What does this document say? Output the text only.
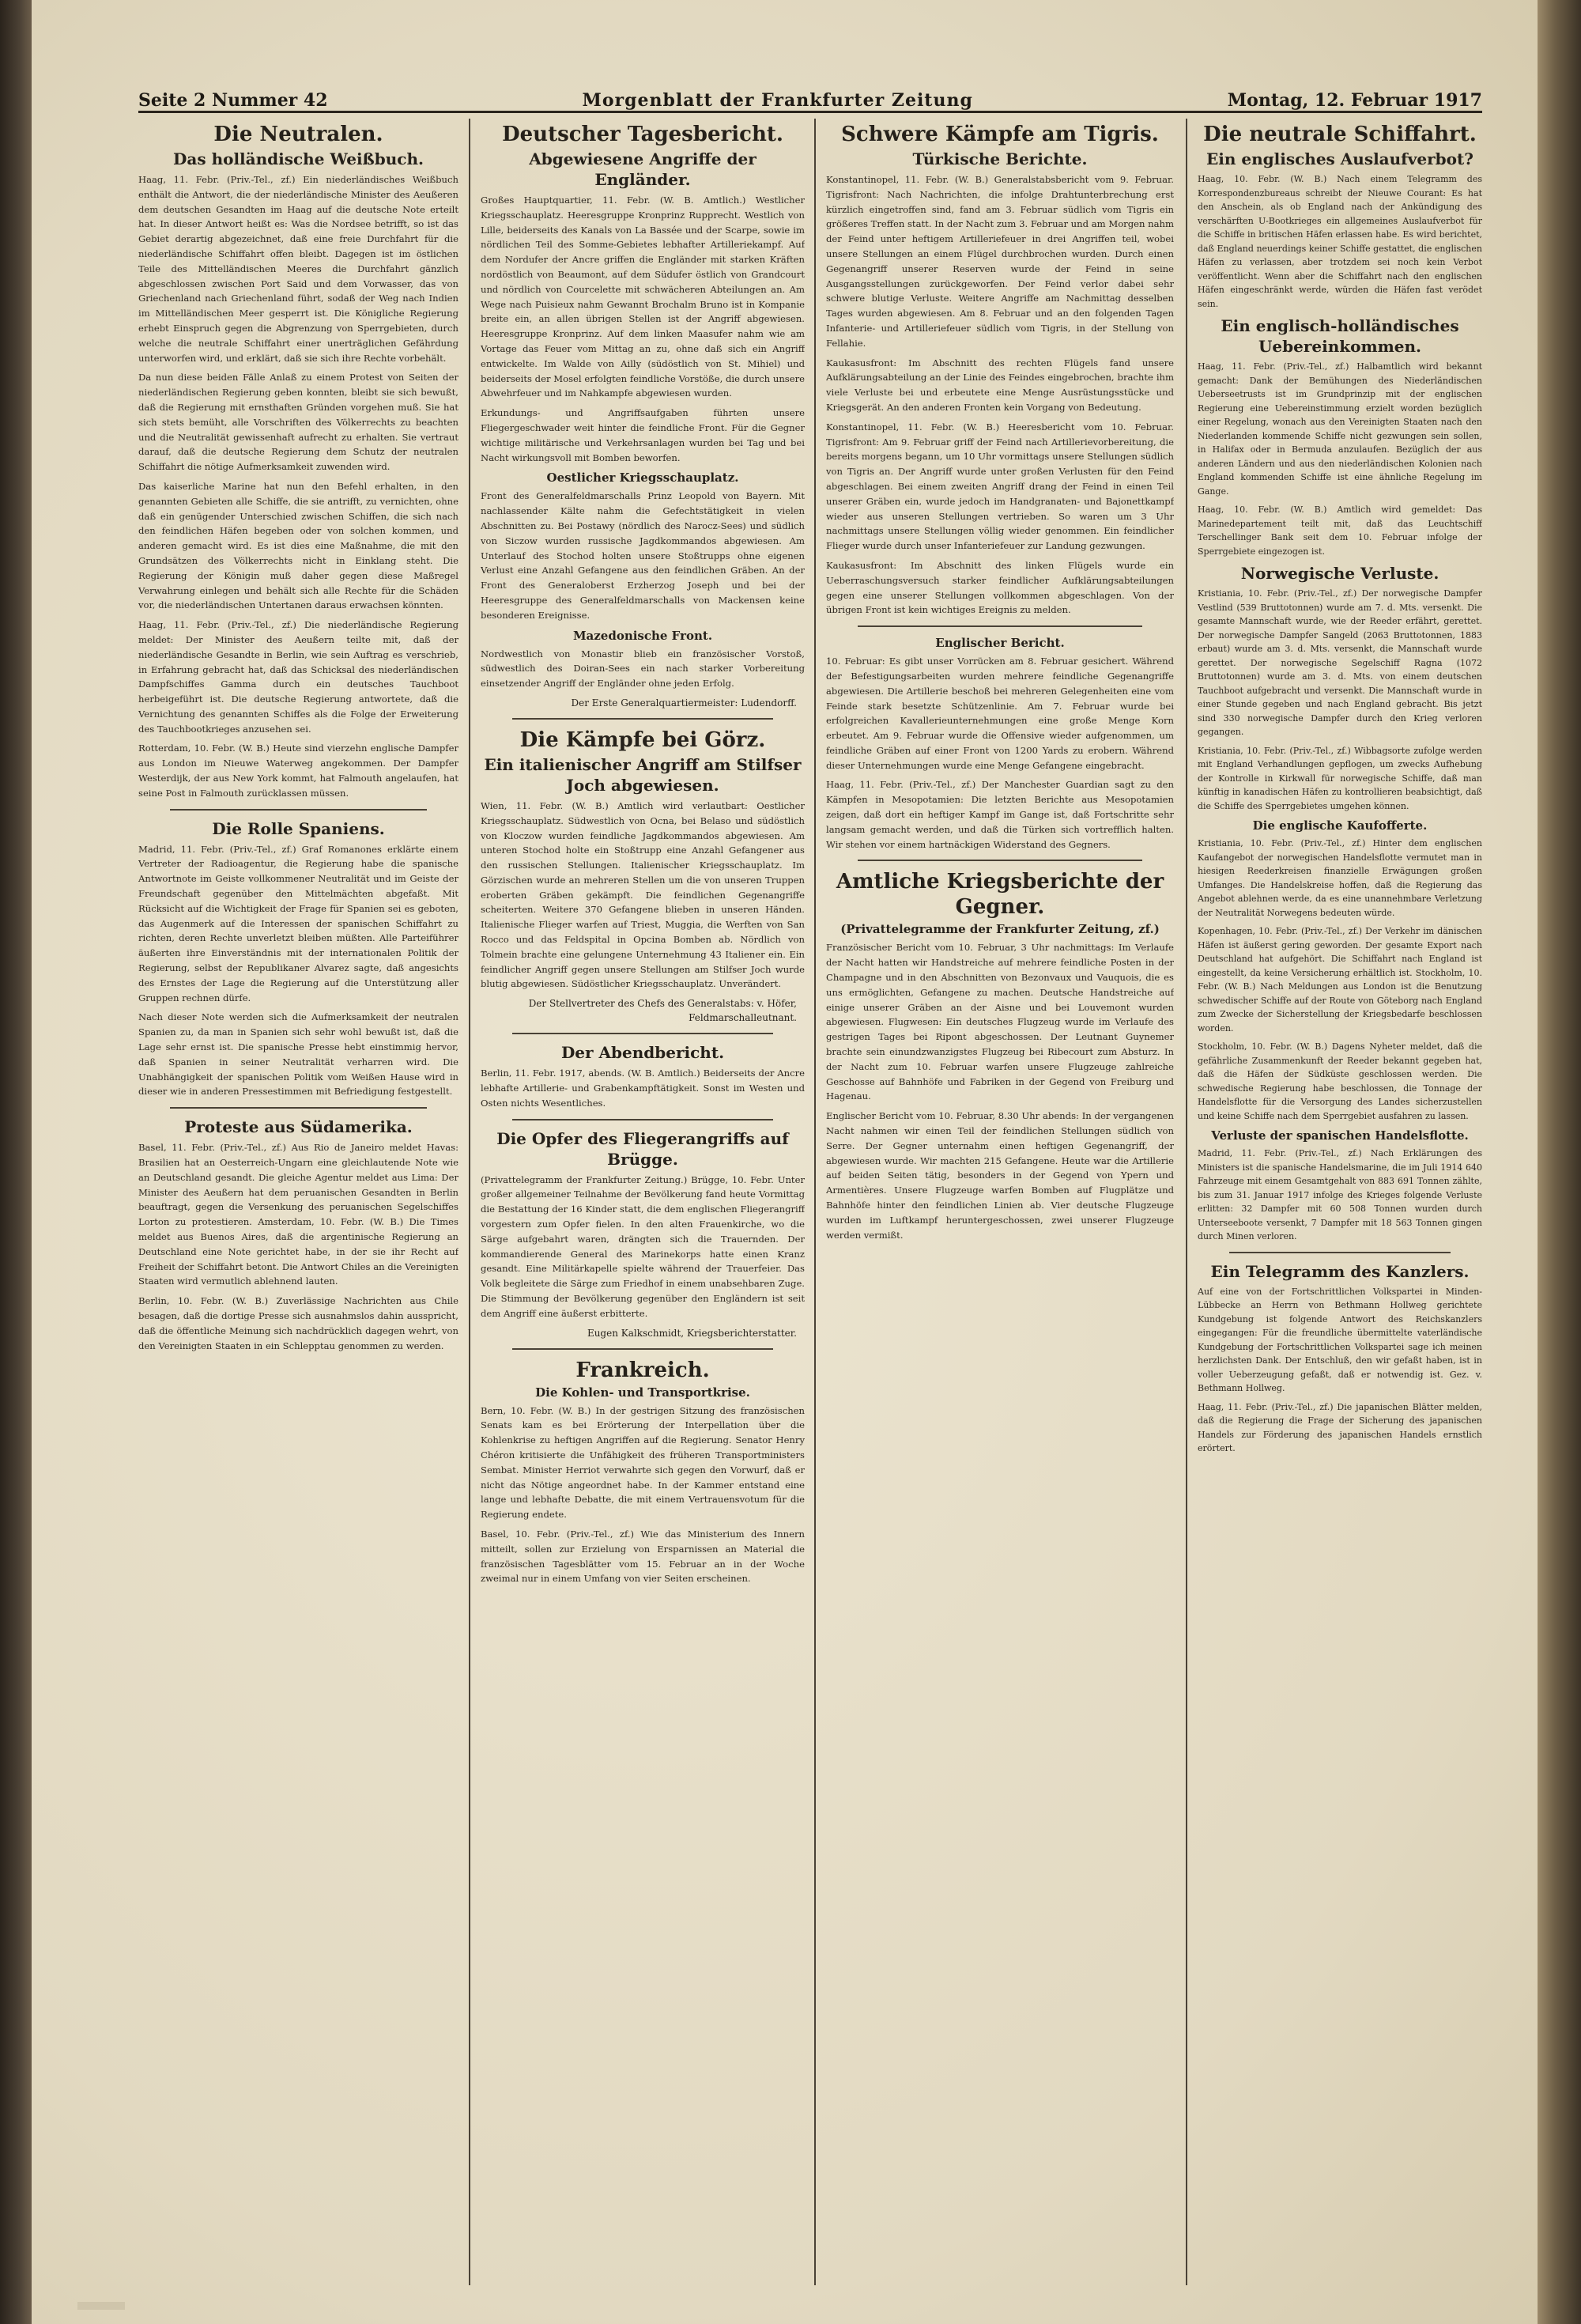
Seite 2 Nummer 42	Morgenblatt der Frankfurter Zeitung	Montag, 12. Februar 1917
Die Neutralen.
Das holländische Weißbuch.

Haag, 11. Febr. (Priv.-Tel., zf.) Ein niederländisches Weißbuch enthält die Antwort, die der niederländische Minister des Aeußeren dem deutschen Gesandten im Haag auf die deutsche Note erteilt hat. In dieser Antwort heißt es: Was die Nordsee betrifft, so ist das Gebiet derartig abgezeichnet, daß eine freie Durchfahrt für die niederländische Schiffahrt offen bleibt. Dagegen ist im östlichen Teile des Mittelländischen Meeres die Durchfahrt gänzlich abgeschlossen zwischen Port Said und dem Vorwasser, das von Griechenland nach Griechenland führt, sodaß der Weg nach Indien im Mittelländischen Meer gesperrt ist. Die Königliche Regierung erhebt Einspruch gegen die Abgrenzung von Sperrgebieten, durch welche die neutrale Schiffahrt einer unerträglichen Gefährdung unterworfen wird, und erklärt, daß sie sich ihre Rechte vorbehält.

Da nun diese beiden Fälle Anlaß zu einem Protest von Seiten der niederländischen Regierung geben konnten, bleibt sie sich bewußt, daß die Regierung mit ernsthaften Gründen vorgehen muß. Sie hat sich stets bemüht, alle Vorschriften des Völkerrechts zu beachten und die Neutralität gewissenhaft aufrecht zu erhalten. Sie vertraut darauf, daß die deutsche Regierung dem Schutz der neutralen Schiffahrt die nötige Aufmerksamkeit zuwenden wird.

Das kaiserliche Marine hat nun den Befehl erhalten, in den genannten Gebieten alle Schiffe, die sie antrifft, zu vernichten, ohne daß ein genügender Unterschied zwischen Schiffen, die sich nach den feindlichen Häfen begeben oder von solchen kommen, und anderen gemacht wird. Es ist dies eine Maßnahme, die mit den Grundsätzen des Völkerrechts nicht in Einklang steht. Die Regierung der Königin muß daher gegen diese Maßregel Verwahrung einlegen und behält sich alle Rechte für die Schäden vor, die niederländischen Untertanen daraus erwachsen könnten.

Haag, 11. Febr. (Priv.-Tel., zf.) Die niederländische Regierung meldet: Der Minister des Aeußern teilte mit, daß der niederländische Gesandte in Berlin, wie sein Auftrag es verschrieb, in Erfahrung gebracht hat, daß das Schicksal des niederländischen Dampfschiffes Gamma durch ein deutsches Tauchboot herbeigeführt ist. Die deutsche Regierung antwortete, daß die Vernichtung des genannten Schiffes als die Folge der Erweiterung des Tauchbootkrieges anzusehen sei.

Rotterdam, 10. Febr. (W. B.) Heute sind vierzehn englische Dampfer aus London im Nieuwe Waterweg angekommen. Der Dampfer Westerdijk, der aus New York kommt, hat Falmouth angelaufen, hat seine Post in Falmouth zurücklassen müssen.

Die Rolle Spaniens.

Madrid, 11. Febr. (Priv.-Tel., zf.) Graf Romanones erklärte einem Vertreter der Radioagentur, die Regierung habe die spanische Antwortnote im Geiste vollkommener Neutralität und im Geiste der Freundschaft gegenüber den Mittelmächten abgefaßt. Mit Rücksicht auf die Wichtigkeit der Frage für Spanien sei es geboten, das Augenmerk auf die Interessen der spanischen Schiffahrt zu richten, deren Rechte unverletzt bleiben müßten. Alle Parteiführer äußerten ihre Einverständnis mit der internationalen Politik der Regierung, selbst der Republikaner Alvarez sagte, daß angesichts des Ernstes der Lage die Regierung auf die Unterstützung aller Gruppen rechnen dürfe.

Nach dieser Note werden sich die Aufmerksamkeit der neutralen Spanien zu, da man in Spanien sich sehr wohl bewußt ist, daß die Lage sehr ernst ist. Die spanische Presse hebt einstimmig hervor, daß Spanien in seiner Neutralität verharren wird. Die Unabhängigkeit der spanischen Politik vom Weißen Hause wird in dieser wie in anderen Pressestimmen mit Befriedigung festgestellt.

Proteste aus Südamerika.

Basel, 11. Febr. (Priv.-Tel., zf.) Aus Rio de Janeiro meldet Havas: Brasilien hat an Oesterreich-Ungarn eine gleichlautende Note wie an Deutschland gesandt. Die gleiche Agentur meldet aus Lima: Der Minister des Aeußern hat dem peruanischen Gesandten in Berlin beauftragt, gegen die Versenkung des peruanischen Segelschiffes Lorton zu protestieren. Amsterdam, 10. Febr. (W. B.) Die Times meldet aus Buenos Aires, daß die argentinische Regierung an Deutschland eine Note gerichtet habe, in der sie ihr Recht auf Freiheit der Schiffahrt betont. Die Antwort Chiles an die Vereinigten Staaten wird vermutlich ablehnend lauten.

Berlin, 10. Febr. (W. B.) Zuverlässige Nachrichten aus Chile besagen, daß die dortige Presse sich ausnahmslos dahin ausspricht, daß die öffentliche Meinung sich nachdrücklich dagegen wehrt, von den Vereinigten Staaten in ein Schlepptau genommen zu werden.

Deutscher Tagesbericht.
Abgewiesene Angriffe der Engländer.

Großes Hauptquartier, 11. Febr. (W. B. Amtlich.) Westlicher Kriegsschauplatz. Heeresgruppe Kronprinz Rupprecht. Westlich von Lille, beiderseits des Kanals von La Bassée und der Scarpe, sowie im nördlichen Teil des Somme-Gebietes lebhafter Artilleriekampf. Auf dem Nordufer der Ancre griffen die Engländer mit starken Kräften nordöstlich von Beaumont, auf dem Südufer östlich von Grandcourt und nördlich von Courcelette mit schwächeren Abteilungen an. Am Wege nach Puisieux nahm Gewannt Brochalm Bruno ist in Kompanie breite ein, an allen übrigen Stellen ist der Angriff abgewiesen. Heeresgruppe Kronprinz. Auf dem linken Maasufer nahm wie am Vortage das Feuer vom Mittag an zu, ohne daß sich ein Angriff entwickelte. Im Walde von Ailly (südöstlich von St. Mihiel) und beiderseits der Mosel erfolgten feindliche Vorstöße, die durch unsere Abwehrfeuer und im Nahkampfe abgewiesen wurden.

Erkundungs- und Angriffsaufgaben führten unsere Fliegergeschwader weit hinter die feindliche Front. Für die Gegner wichtige militärische und Verkehrsanlagen wurden bei Tag und bei Nacht wirkungsvoll mit Bomben beworfen.

Oestlicher Kriegsschauplatz.

Front des Generalfeldmarschalls Prinz Leopold von Bayern. Mit nachlassender Kälte nahm die Gefechtstätigkeit in vielen Abschnitten zu. Bei Postawy (nördlich des Narocz-Sees) und südlich von Siczow wurden russische Jagdkommandos abgewiesen. Am Unterlauf des Stochod holten unsere Stoßtrupps ohne eigenen Verlust eine Anzahl Gefangene aus den feindlichen Gräben. An der Front des Generaloberst Erzherzog Joseph und bei der Heeresgruppe des Generalfeldmarschalls von Mackensen keine besonderen Ereignisse.

Mazedonische Front.

Nordwestlich von Monastir blieb ein französischer Vorstoß, südwestlich des Doiran-Sees ein nach starker Vorbereitung einsetzender Angriff der Engländer ohne jeden Erfolg.

Der Erste Generalquartiermeister: Ludendorff.
Die Kämpfe bei Görz.
Ein italienischer Angriff am Stilfser Joch abgewiesen.

Wien, 11. Febr. (W. B.) Amtlich wird verlautbart: Oestlicher Kriegsschauplatz. Südwestlich von Ocna, bei Belaso und südöstlich von Kloczow wurden feindliche Jagdkommandos abgewiesen. Am unteren Stochod holte ein Stoßtrupp eine Anzahl Gefangener aus den russischen Stellungen. Italienischer Kriegsschauplatz. Im Görzischen wurde an mehreren Stellen um die von unseren Truppen eroberten Gräben gekämpft. Die feindlichen Gegenangriffe scheiterten. Weitere 370 Gefangene blieben in unseren Händen. Italienische Flieger warfen auf Triest, Muggia, die Werften von San Rocco und das Feldspital in Opcina Bomben ab. Nördlich von Tolmein brachte eine gelungene Unternehmung 43 Italiener ein. Ein feindlicher Angriff gegen unsere Stellungen am Stilfser Joch wurde blutig abgewiesen. Südöstlicher Kriegsschauplatz. Unverändert.

Der Stellvertreter des Chefs des Generalstabs: v. Höfer, Feldmarschalleutnant.
Der Abendbericht.

Berlin, 11. Febr. 1917, abends. (W. B. Amtlich.) Beiderseits der Ancre lebhafte Artillerie- und Grabenkampftätigkeit. Sonst im Westen und Osten nichts Wesentliches.

Die Opfer des Fliegerangriffs auf Brügge.

(Privattelegramm der Frankfurter Zeitung.) Brügge, 10. Febr. Unter großer allgemeiner Teilnahme der Bevölkerung fand heute Vormittag die Bestattung der 16 Kinder statt, die dem englischen Fliegerangriff vorgestern zum Opfer fielen. In den alten Frauenkirche, wo die Särge aufgebahrt waren, drängten sich die Trauernden. Der kommandierende General des Marinekorps hatte einen Kranz gesandt. Eine Militärkapelle spielte während der Trauerfeier. Das Volk begleitete die Särge zum Friedhof in einem unabsehbaren Zuge. Die Stimmung der Bevölkerung gegenüber den Engländern ist seit dem Angriff eine äußerst erbitterte.

Eugen Kalkschmidt, Kriegsberichterstatter.
Frankreich.
Die Kohlen- und Transportkrise.

Bern, 10. Febr. (W. B.) In der gestrigen Sitzung des französischen Senats kam es bei Erörterung der Interpellation über die Kohlenkrise zu heftigen Angriffen auf die Regierung. Senator Henry Chéron kritisierte die Unfähigkeit des früheren Transportministers Sembat. Minister Herriot verwahrte sich gegen den Vorwurf, daß er nicht das Nötige angeordnet habe. In der Kammer entstand eine lange und lebhafte Debatte, die mit einem Vertrauensvotum für die Regierung endete.

Basel, 10. Febr. (Priv.-Tel., zf.) Wie das Ministerium des Innern mitteilt, sollen zur Erzielung von Ersparnissen an Material die französischen Tagesblätter vom 15. Februar an in der Woche zweimal nur in einem Umfang von vier Seiten erscheinen.

Schwere Kämpfe am Tigris.
Türkische Berichte.

Konstantinopel, 11. Febr. (W. B.) Generalstabsbericht vom 9. Februar. Tigrisfront: Nach Nachrichten, die infolge Drahtunterbrechung erst kürzlich eingetroffen sind, fand am 3. Februar südlich vom Tigris ein größeres Treffen statt. In der Nacht zum 3. Februar und am Morgen nahm der Feind unter heftigem Artilleriefeuer in drei Angriffen teil, wobei unsere Stellungen an einem Flügel durchbrochen wurden. Durch einen Gegenangriff unserer Reserven wurde der Feind in seine Ausgangsstellungen zurückgeworfen. Der Feind verlor dabei sehr schwere blutige Verluste. Weitere Angriffe am Nachmittag desselben Tages wurden abgewiesen. Am 8. Februar und an den folgenden Tagen Infanterie- und Artilleriefeuer südlich vom Tigris, in der Stellung von Fellahie.

Kaukasusfront: Im Abschnitt des rechten Flügels fand unsere Aufklärungsabteilung an der Linie des Feindes eingebrochen, brachte ihm viele Verluste bei und erbeutete eine Menge Ausrüstungsstücke und Kriegsgerät. An den anderen Fronten kein Vorgang von Bedeutung.

Konstantinopel, 11. Febr. (W. B.) Heeresbericht vom 10. Februar. Tigrisfront: Am 9. Februar griff der Feind nach Artillerievorbereitung, die bereits morgens begann, um 10 Uhr vormittags unsere Stellungen südlich von Tigris an. Der Angriff wurde unter großen Verlusten für den Feind abgeschlagen. Bei einem zweiten Angriff drang der Feind in einen Teil unserer Gräben ein, wurde jedoch im Handgranaten- und Bajonettkampf wieder aus unseren Stellungen vertrieben. So waren um 3 Uhr nachmittags unsere Stellungen völlig wieder genommen. Ein feindlicher Flieger wurde durch unser Infanteriefeuer zur Landung gezwungen.

Kaukasusfront: Im Abschnitt des linken Flügels wurde ein Ueberraschungsversuch starker feindlicher Aufklärungsabteilungen gegen eine unserer Stellungen vollkommen abgeschlagen. Von der übrigen Front ist kein wichtiges Ereignis zu melden.

Englischer Bericht.

10. Februar: Es gibt unser Vorrücken am 8. Februar gesichert. Während der Befestigungsarbeiten wurden mehrere feindliche Gegenangriffe abgewiesen. Die Artillerie beschoß bei mehreren Gelegenheiten eine vom Feinde stark besetzte Schützenlinie. Am 7. Februar wurde bei erfolgreichen Kavallerieunternehmungen eine große Menge Korn erbeutet. Am 9. Februar wurde die Offensive wieder aufgenommen, um feindliche Gräben auf einer Front von 1200 Yards zu erobern. Während dieser Unternehmungen wurde eine Menge Gefangene eingebracht.

Haag, 11. Febr. (Priv.-Tel., zf.) Der Manchester Guardian sagt zu den Kämpfen in Mesopotamien: Die letzten Berichte aus Mesopotamien zeigen, daß dort ein heftiger Kampf im Gange ist, daß Fortschritte sehr langsam gemacht werden, und daß die Türken sich vortrefflich halten. Wir stehen vor einem hartnäckigen Widerstand des Gegners.

Amtliche Kriegsberichte der Gegner.
(Privattelegramme der Frankfurter Zeitung, zf.)

Französischer Bericht vom 10. Februar, 3 Uhr nachmittags: Im Verlaufe der Nacht hatten wir Handstreiche auf mehrere feindliche Posten in der Champagne und in den Abschnitten von Bezonvaux und Vauquois, die es uns ermöglichten, Gefangene zu machen. Deutsche Handstreiche auf einige unserer Gräben an der Aisne und bei Louvemont wurden abgewiesen. Flugwesen: Ein deutsches Flugzeug wurde im Verlaufe des gestrigen Tages bei Ripont abgeschossen. Der Leutnant Guynemer brachte sein einundzwanzigstes Flugzeug bei Ribecourt zum Absturz. In der Nacht zum 10. Februar warfen unsere Flugzeuge zahlreiche Geschosse auf Bahnhöfe und Fabriken in der Gegend von Freiburg und Hagenau.

Englischer Bericht vom 10. Februar, 8.30 Uhr abends: In der vergangenen Nacht nahmen wir einen Teil der feindlichen Stellungen südlich von Serre. Der Gegner unternahm einen heftigen Gegenangriff, der abgewiesen wurde. Wir machten 215 Gefangene. Heute war die Artillerie auf beiden Seiten tätig, besonders in der Gegend von Ypern und Armentières. Unsere Flugzeuge warfen Bomben auf Flugplätze und Bahnhöfe hinter den feindlichen Linien ab. Vier deutsche Flugzeuge wurden im Luftkampf heruntergeschossen, zwei unserer Flugzeuge werden vermißt.

Die neutrale Schiffahrt.
Ein englisches Auslaufverbot?

Haag, 10. Febr. (W. B.) Nach einem Telegramm des Korrespondenzbureaus schreibt der Nieuwe Courant: Es hat den Anschein, als ob England nach der Ankündigung des verschärften U-Bootkrieges ein allgemeines Auslaufverbot für die Schiffe in britischen Häfen erlassen habe. Es wird berichtet, daß England neuerdings keiner Schiffe gestattet, die englischen Häfen zu verlassen, aber trotzdem sei noch kein Verbot veröffentlicht. Wenn aber die Schiffahrt nach den englischen Häfen eingeschränkt werde, würden die Häfen fast verödet sein.

Ein englisch-holländisches Uebereinkommen.

Haag, 11. Febr. (Priv.-Tel., zf.) Halbamtlich wird bekannt gemacht: Dank der Bemühungen des Niederländischen Ueberseetrusts ist im Grundprinzip mit der englischen Regierung eine Uebereinstimmung erzielt worden bezüglich einer Regelung, wonach aus den Vereinigten Staaten nach den Niederlanden kommende Schiffe nicht gezwungen sein sollen, in Halifax oder in Bermuda anzulaufen. Bezüglich der aus anderen Ländern und aus den niederländischen Kolonien nach England kommenden Schiffe ist eine ähnliche Regelung im Gange.

Haag, 10. Febr. (W. B.) Amtlich wird gemeldet: Das Marinedepartement teilt mit, daß das Leuchtschiff Terschellinger Bank seit dem 10. Februar infolge der Sperrgebiete eingezogen ist.

Norwegische Verluste.

Kristiania, 10. Febr. (Priv.-Tel., zf.) Der norwegische Dampfer Vestlind (539 Bruttotonnen) wurde am 7. d. Mts. versenkt. Die gesamte Mannschaft wurde, wie der Reeder erfährt, gerettet. Der norwegische Dampfer Sangeld (2063 Bruttotonnen, 1883 erbaut) wurde am 3. d. Mts. versenkt, die Mannschaft wurde gerettet. Der norwegische Segelschiff Ragna (1072 Bruttotonnen) wurde am 3. d. Mts. von einem deutschen Tauchboot aufgebracht und versenkt. Die Mannschaft wurde in einer Stunde gegeben und nach England gebracht. Bis jetzt sind 330 norwegische Dampfer durch den Krieg verloren gegangen.

Kristiania, 10. Febr. (Priv.-Tel., zf.) Wibbagsorte zufolge werden mit England Verhandlungen gepflogen, um zwecks Aufhebung der Kontrolle in Kirkwall für norwegische Schiffe, daß man künftig in kanadischen Häfen zu kontrollieren beabsichtigt, daß die Schiffe des Sperrgebietes umgehen können.

Die englische Kaufofferte.

Kristiania, 10. Febr. (Priv.-Tel., zf.) Hinter dem englischen Kaufangebot der norwegischen Handelsflotte vermutet man in hiesigen Reederkreisen finanzielle Erwägungen großen Umfanges. Die Handelskreise hoffen, daß die Regierung das Angebot ablehnen werde, da es eine unannehmbare Verletzung der Neutralität Norwegens bedeuten würde.

Kopenhagen, 10. Febr. (Priv.-Tel., zf.) Der Verkehr im dänischen Häfen ist äußerst gering geworden. Der gesamte Export nach Deutschland hat aufgehört. Die Schiffahrt nach England ist eingestellt, da keine Versicherung erhältlich ist. Stockholm, 10. Febr. (W. B.) Nach Meldungen aus London ist die Benutzung schwedischer Schiffe auf der Route von Göteborg nach England zum Zwecke der Sicherstellung der Kriegsbedarfe beschlossen worden.

Stockholm, 10. Febr. (W. B.) Dagens Nyheter meldet, daß die gefährliche Zusammenkunft der Reeder bekannt gegeben hat, daß die Häfen der Südküste geschlossen werden. Die schwedische Regierung habe beschlossen, die Tonnage der Handelsflotte für die Versorgung des Landes sicherzustellen und keine Schiffe nach dem Sperrgebiet ausfahren zu lassen.

Verluste der spanischen Handelsflotte.

Madrid, 11. Febr. (Priv.-Tel., zf.) Nach Erklärungen des Ministers ist die spanische Handelsmarine, die im Juli 1914 640 Fahrzeuge mit einem Gesamtgehalt von 883 691 Tonnen zählte, bis zum 31. Januar 1917 infolge des Krieges folgende Verluste erlitten: 32 Dampfer mit 60 508 Tonnen wurden durch Unterseeboote versenkt, 7 Dampfer mit 18 563 Tonnen gingen durch Minen verloren.

Ein Telegramm des Kanzlers.

Auf eine von der Fortschrittlichen Volkspartei in Minden-Lübbecke an Herrn von Bethmann Hollweg gerichtete Kundgebung ist folgende Antwort des Reichskanzlers eingegangen: Für die freundliche übermittelte vaterländische Kundgebung der Fortschrittlichen Volkspartei sage ich meinen herzlichsten Dank. Der Entschluß, den wir gefaßt haben, ist in voller Ueberzeugung gefaßt, daß er notwendig ist. Gez. v. Bethmann Hollweg.

Haag, 11. Febr. (Priv.-Tel., zf.) Die japanischen Blätter melden, daß die Regierung die Frage der Sicherung des japanischen Handels zur Förderung des japanischen Handels ernstlich erörtert.
